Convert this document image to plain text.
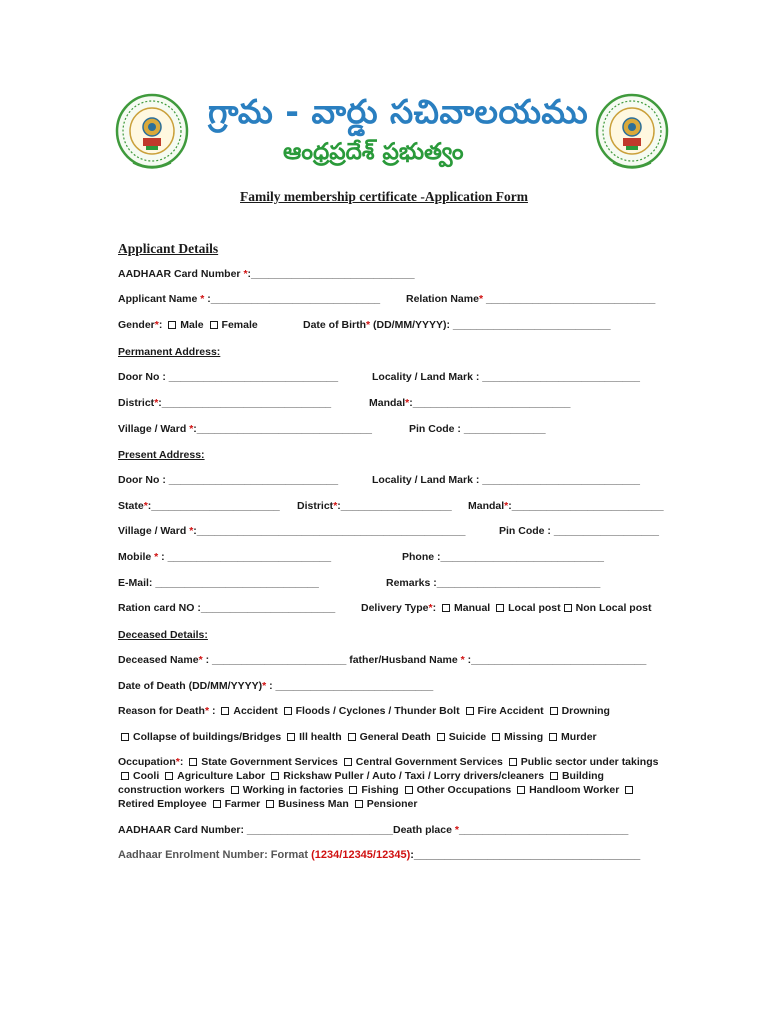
గ్రామ - వార్డు సచివాలయము
ఆంధ్రప్రదేశ్ ప్రభుత్వం
Family membership certificate -Application Form
Applicant Details
AADHAAR Card Number *:____________________________
Applicant Name * :_____________________________ Relation Name* _____________________________
Gender*: Male Female	Date of Birth* (DD/MM/YYYY): ___________________________
Permanent Address:
Door No : _____________________________	Locality / Land Mark : ___________________________
District*:_____________________________	Mandal*:___________________________
Village / Ward *:______________________________	Pin Code : ______________
Present Address:
Door No : _____________________________	Locality / Land Mark : ___________________________
State*:______________________ District*:___________________ Mandal*:__________________________
Village / Ward *:______________________________________________	Pin Code : __________________
Mobile * : ____________________________	Phone :____________________________
E-Mail: ____________________________	Remarks :____________________________
Ration card NO :_______________________ Delivery Type*: Manual Local post Non Local post
Deceased Details:
Deceased Name* : _______________________ father/Husband Name * :______________________________
Date of Death (DD/MM/YYYY)* : ___________________________
Reason for Death* : Accident Floods / Cyclones / Thunder Bolt Fire Accident Drowning
Collapse of buildings/Bridges Ill health General Death Suicide Missing Murder
Occupation*: State Government Services Central Government Services Public sector under takings
Cooli Agriculture Labor Rickshaw Puller / Auto / Taxi / Lorry drivers/cleaners Building
construction workers Working in factories Fishing Other Occupations Handloom Worker
Retired Employee Farmer Business Man Pensioner
AADHAAR Card Number: _________________________ Death place *_____________________________
Aadhaar Enrolment Number: Format (1234/12345/12345):_____________________________________
